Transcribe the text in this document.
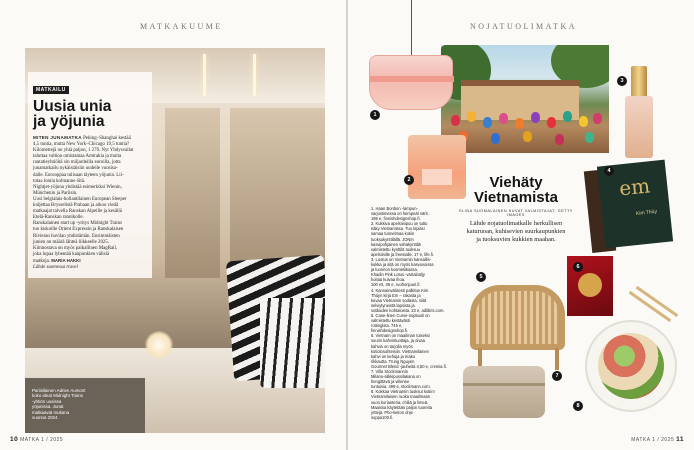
MATKAKUUME
MATKAILU
Uusia unia
ja yöjunia

MITEN JUNAMATKA Peking–Shanghai kestää

4,5 tuntia, mutta New York–Chicago 19,5 tuntia?

Kilometrejä on yhtä paljon, 1 270. Nyt Yhdysvallat

taluttaa valtion omistamaa Amtrakia ja muita

rautatieyhtiöitä sin miljardeilla euroilla, jotta

junamatkailu nykäistäisiin uudelle vuosisa-

dalle. Eurooppaa tulisaan täyteen yöjunia. Lii-

tutaa lomia kolmanne öitä.

Nightjet-yöjuna yhdistää esimerkiksi Wienin,

Münchenin ja Pariisin.

Uusi belgialais-hollantilainen European Sleeper

kuljettaa Brysselistä Prahaan ja aikoo viedä

matkaajat talvella Ranskan Alpeille ja kesällä

Etelä-Ranskan rannikolle.

Ranskalainen start up -yritys Midnight Trains

tuo kiskoille Orient Expressin ja Ranskalaisen

Rivieran huvilan yhdistämän. Ensimmäisten

junien on määrä lähteä liikkeelle 2025.

Kiinnostava on myös paikallinen MagRail,

joka lupaa lyhentää kaupunkien välisiä

matkoja. MARIA HAKKI

Lähde suomessa travel

Pariisilainen Adrien Aumont
koko ideat Midnight Trains
-yhtiön uusissa
yöjunissa. Junat
matkaavat mukana
vuonna 2024.
10 MATKA 1 / 2025
NOJATUOLIMATKA
MATKA 1 / 2025 11
em
Kim Thúy
Viehäty
Vietnamista
ELINA SUOMALAINEN KUVAT VALMISTAJAT, GETTY IMAGES
Lähde nojatuolimatkalle herkullisen
katuruoan, kuhisevien suurkaupunkien
ja tuoksuvien kukkien maahan.
1. Haan Bonbon -lampun-
varjostimessa on hempeät värit.
199 e, finnishdesignshop.fi.
2. Kukkiva apelsiinipuu on tuttu
näky Vietnamissa. Tuo kipiasi
samaa tunnelmaa kotiin
tuoksukynttilällä. JONIn
kasvipohjainen vahakynttilä
valmistettu kynttilä tuoksuu
apelsiinille ja freesialle. 17 e, life.fi.
3. Lootus on Vietnamin kansallis-
kukka ja sitä on myös kasvovoissa
ja luonnon kosmetiikassa.
Khadin Pink Lotus -vartaloöljy
hoitaa kuivaa ihoa.
100 ml, 36 e, ruohonjuuri.fi.
4. Kansainvälisesti palkitun Kim
Thúyn kirja Em – rakasta ja
kuvaa Vietnamin sodasta, siitä
selviytyneistä lapsista ja
sotilaiden kohtaloista. 23 e, adlibris.com.
5. Cane-linen Curve-nojatuoli on
valmistettu kestävästi
rottingista. 745 e,
finnishdesignshop.fi.
6. Vietnam on maailman toiseksi
suurin kahvintuottaja, ja oivaa
kahvia on tarjolla myös
kotiolosuhteisiin. Vietnamilainen
kahvi on kehuja ja maku
rikkautta. Trung Nguyen
Gourmet Blend -jauheita 4,50 e, cremia.fi.
7. Villa Stockmannin
Milano-silkkipussilakana on
hengittävä ja viilenee
tuntuisia. 499 e, stockmann.com.
8. Kokkaa Vietnamin tuoksut kotiin!
Vietnamilaisen ruoka maailmaan
vuon korianteria, chiliä ja limeä.
Maaissa käytetään paljon tuoreita
yrttejä. Pho-keiton ohje
soppa100.fi.
1
2
3
4
5
6
7
8
